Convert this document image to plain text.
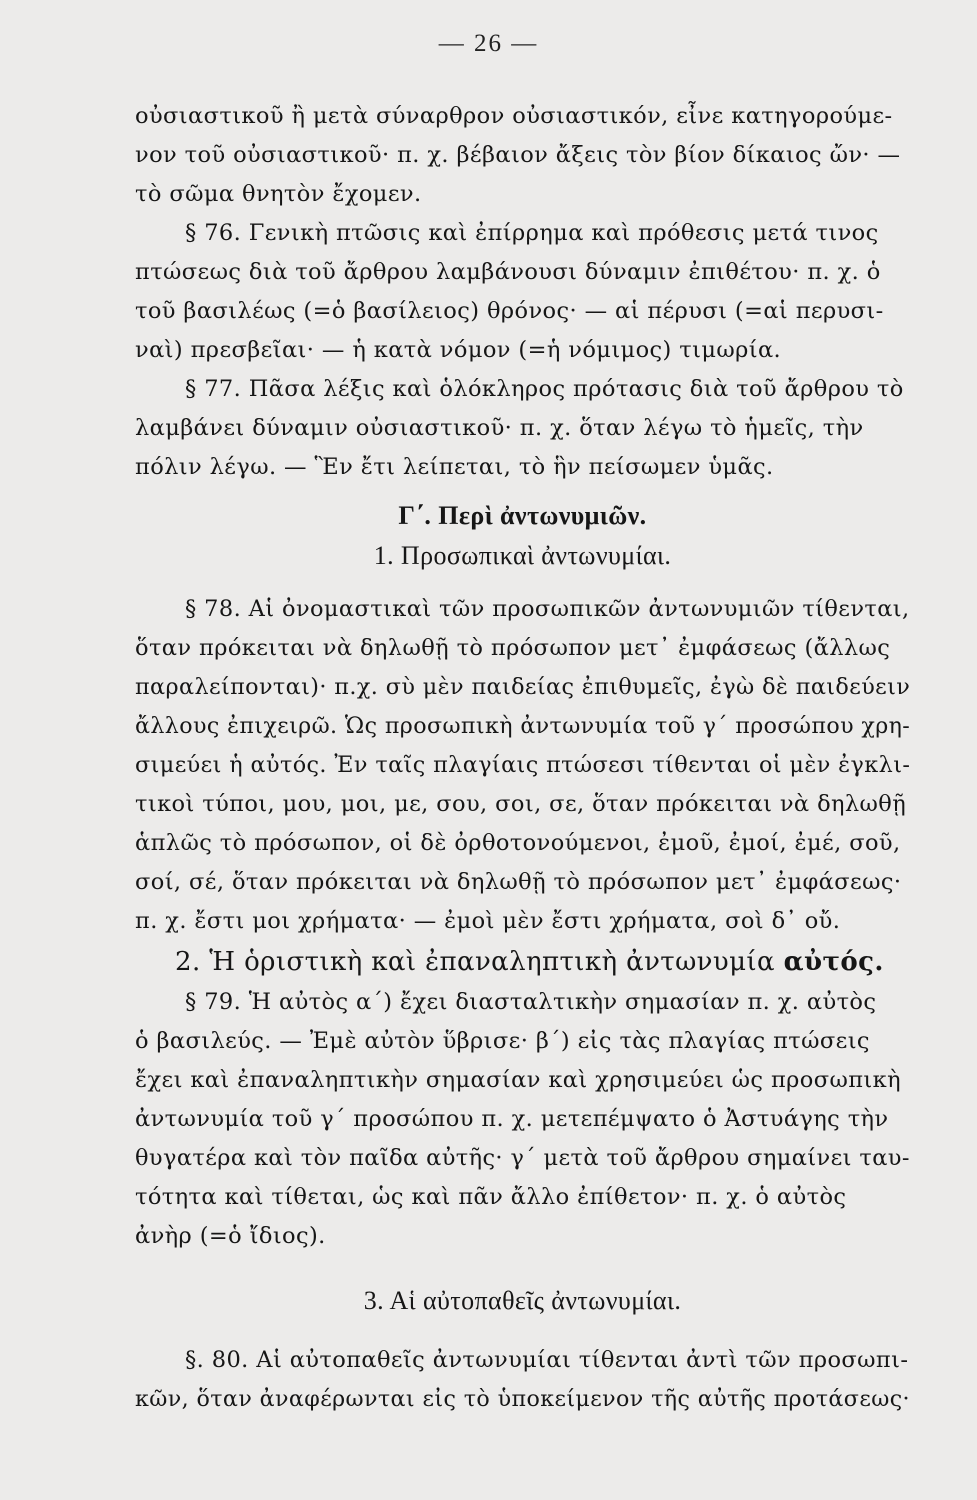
— 26 —
οὐσιαστικοῦ ἢ μετὰ σύναρθρον οὐσιαστικόν, εἶνε κατηγορούμε-
νον τοῦ οὐσιαστικοῦ· π. χ. βέβαιον ἄξεις τὸν βίον δίκαιος ὤν· —
τὸ σῶμα θνητὸν ἔχομεν.
§ 76. Γενικὴ πτῶσις καὶ ἐπίρρημα καὶ πρόθεσις μετά τινος
πτώσεως διὰ τοῦ ἄρθρου λαμβάνουσι δύναμιν ἐπιθέτου· π. χ. ὁ
τοῦ βασιλέως (=ὁ βασίλειος) θρόνος· — αἱ πέρυσι (=αἱ περυσι-
ναὶ) πρεσβεῖαι· — ἡ κατὰ νόμον (=ἡ νόμιμος) τιμωρία.
§ 77. Πᾶσα λέξις καὶ ὁλόκληρος πρότασις διὰ τοῦ ἄρθρου τὸ
λαμβάνει δύναμιν οὐσιαστικοῦ· π. χ. ὅταν λέγω τὸ ἡμεῖς, τὴν
πόλιν λέγω. — Ἓν ἔτι λείπεται, τὸ ἣν πείσωμεν ὑμᾶς.
Γ΄. Περὶ ἀντωνυμιῶν.
1. Προσωπικαὶ ἀντωνυμίαι.
§ 78. Αἱ ὀνομαστικαὶ τῶν προσωπικῶν ἀντωνυμιῶν τίθενται,
ὅταν πρόκειται νὰ δηλωθῇ τὸ πρόσωπον μετ᾽ ἐμφάσεως (ἄλλως
παραλείπονται)· π.χ. σὺ μὲν παιδείας ἐπιθυμεῖς, ἐγὼ δὲ παιδεύειν
ἄλλους ἐπιχειρῶ. Ὡς προσωπικὴ ἀντωνυμία τοῦ γ΄ προσώπου χρη-
σιμεύει ἡ αὐτός. Ἐν ταῖς πλαγίαις πτώσεσι τίθενται οἱ μὲν ἐγκλι-
τικοὶ τύποι, μου, μοι, με, σου, σοι, σε, ὅταν πρόκειται νὰ δηλωθῇ
ἁπλῶς τὸ πρόσωπον, οἱ δὲ ὀρθοτονούμενοι, ἐμοῦ, ἐμοί, ἐμέ, σοῦ,
σοί, σέ, ὅταν πρόκειται νὰ δηλωθῇ τὸ πρόσωπον μετ᾽ ἐμφάσεως·
π. χ. ἔστι μοι χρήματα· — ἐμοὶ μὲν ἔστι χρήματα, σοὶ δ᾽ οὔ.
2. Ἡ ὁριστικὴ καὶ ἐπαναληπτικὴ ἀντωνυμία αὐτός.
§ 79. Ἡ αὐτὸς α΄) ἔχει διασταλτικὴν σημασίαν π. χ. αὐτὸς
ὁ βασιλεύς. — Ἐμὲ αὐτὸν ὕβρισε· β΄) εἰς τὰς πλαγίας πτώσεις
ἔχει καὶ ἐπαναληπτικὴν σημασίαν καὶ χρησιμεύει ὡς προσωπικὴ
ἀντωνυμία τοῦ γ΄ προσώπου π. χ. μετεπέμψατο ὁ Ἀστυάγης τὴν
θυγατέρα καὶ τὸν παῖδα αὐτῆς· γ΄ μετὰ τοῦ ἄρθρου σημαίνει ταυ-
τότητα καὶ τίθεται, ὡς καὶ πᾶν ἄλλο ἐπίθετον· π. χ. ὁ αὐτὸς
ἀνὴρ (=ὁ ἴδιος).
3. Αἱ αὐτοπαθεῖς ἀντωνυμίαι.
§. 80. Αἱ αὐτοπαθεῖς ἀντωνυμίαι τίθενται ἀντὶ τῶν προσωπι-
κῶν, ὅταν ἀναφέρωνται εἰς τὸ ὑποκείμενον τῆς αὐτῆς προτάσεως·
